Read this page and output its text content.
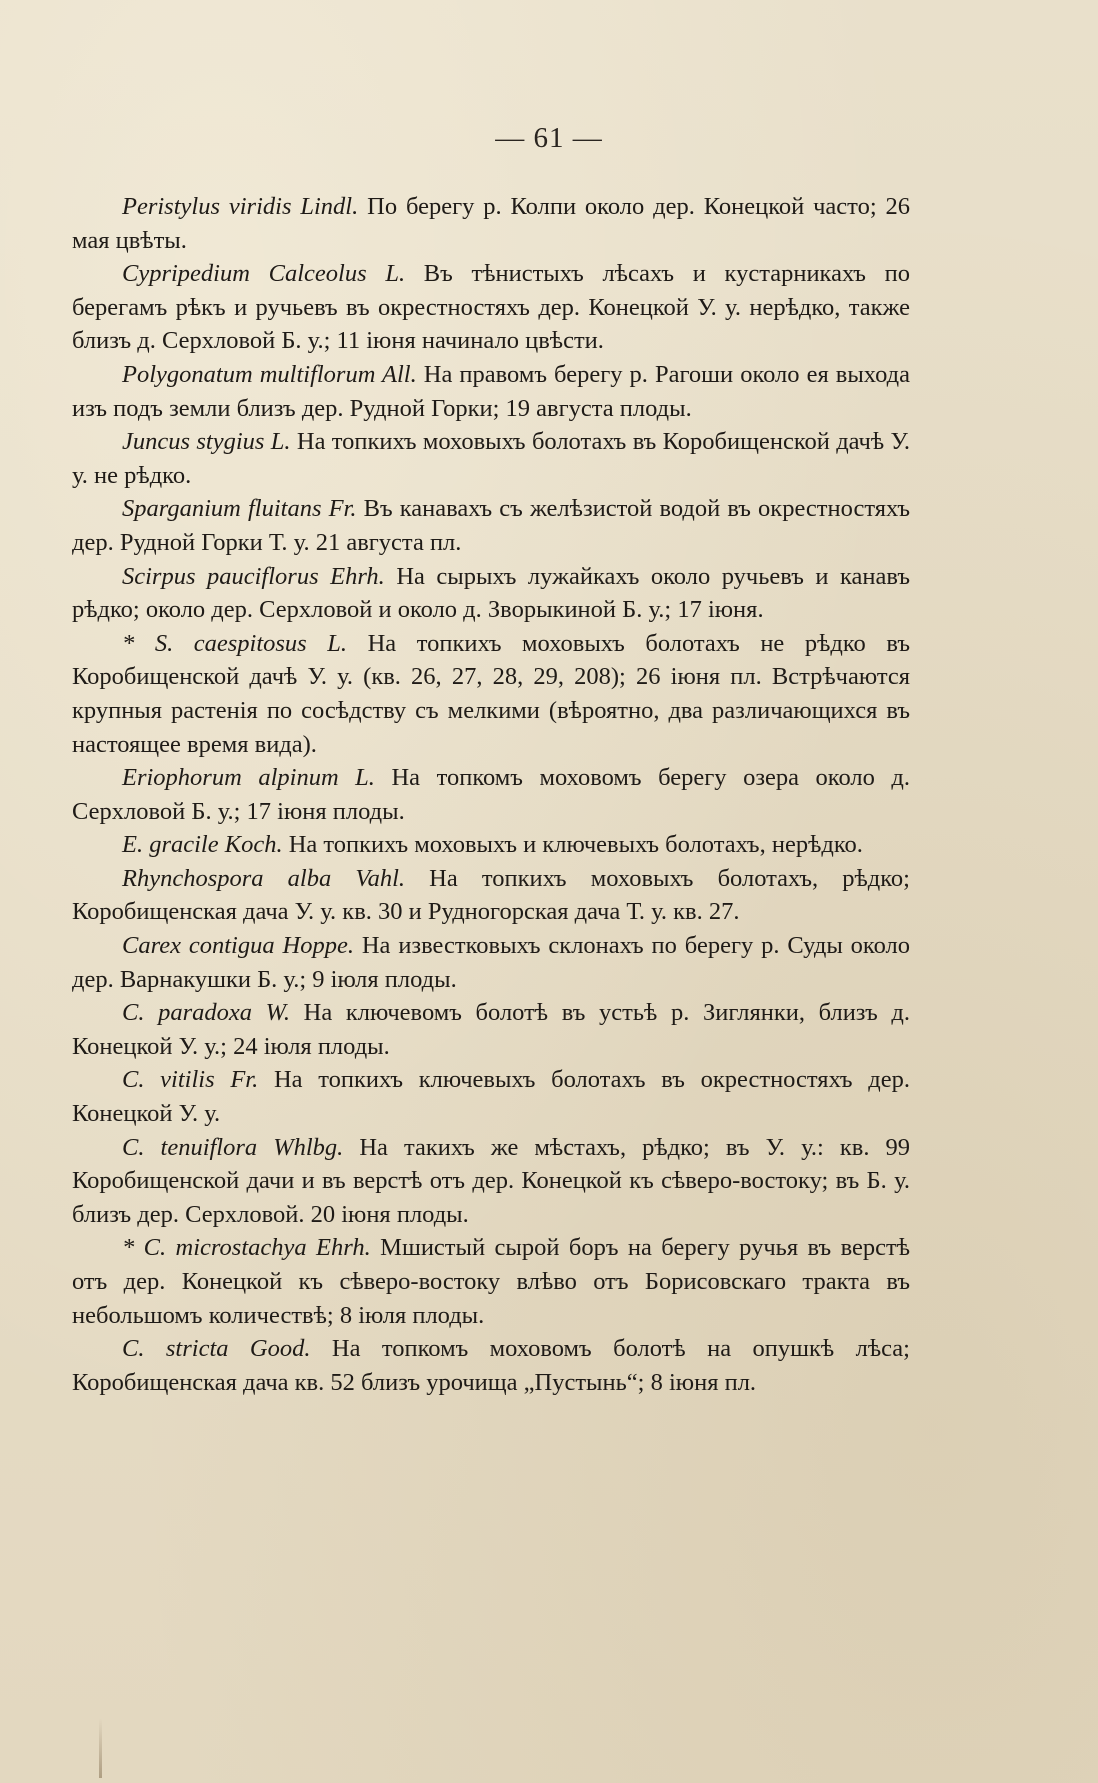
— 61 —

Peristylus viridis Lindl. По берегу р. Колпи около дер. Конецкой часто; 26 мая цвѣты.

Cypripedium Calceolus L. Въ тѣнистыхъ лѣсахъ и кустарникахъ по берегамъ рѣкъ и ручьевъ въ окрестностяхъ дер. Конецкой У. у. нерѣдко, также близъ д. Серхловой Б. у.; 11 іюня начинало цвѣсти.

Polygonatum multiflorum All. На правомъ берегу р. Рагоши около ея выхода изъ подъ земли близъ дер. Рудной Горки; 19 августа плоды.

Juncus stygius L. На топкихъ моховыхъ болотахъ въ Коробищенской дачѣ У. у. не рѣдко.

Sparganium fluitans Fr. Въ канавахъ съ желѣзистой водой въ окрестностяхъ дер. Рудной Горки Т. у. 21 августа пл.

Scirpus pauciflorus Ehrh. На сырыхъ лужайкахъ около ручьевъ и канавъ рѣдко; около дер. Серхловой и около д. Зворыкиной Б. у.; 17 іюня.

* S. caespitosus L. На топкихъ моховыхъ болотахъ не рѣдко въ Коробищенской дачѣ У. у. (кв. 26, 27, 28, 29, 208); 26 іюня пл. Встрѣчаются крупныя растенія по сосѣдству съ мелкими (вѣроятно, два различающихся въ настоящее время вида).

Eriophorum alpinum L. На топкомъ моховомъ берегу озера около д. Серхловой Б. у.; 17 іюня плоды.

E. gracile Koch. На топкихъ моховыхъ и ключевыхъ болотахъ, нерѣдко.

Rhynchospora alba Vahl. На топкихъ моховыхъ болотахъ, рѣдко; Коробищенская дача У. у. кв. 30 и Рудногорская дача Т. у. кв. 27.

Carex contigua Hoppe. На известковыхъ склонахъ по берегу р. Суды около дер. Варнакушки Б. у.; 9 іюля плоды.

C. paradoxa W. На ключевомъ болотѣ въ устьѣ р. Зиглянки, близъ д. Конецкой У. у.; 24 іюля плоды.

C. vitilis Fr. На топкихъ ключевыхъ болотахъ въ окрестностяхъ дер. Конецкой У. у.

C. tenuiflora Whlbg. На такихъ же мѣстахъ, рѣдко; въ У. у.: кв. 99 Коробищенской дачи и въ верстѣ отъ дер. Конецкой къ сѣверо-востоку; въ Б. у. близъ дер. Серхловой. 20 іюня плоды.

* C. microstachya Ehrh. Мшистый сырой боръ на берегу ручья въ верстѣ отъ дер. Конецкой къ сѣверо-востоку влѣво отъ Борисовскаго тракта въ небольшомъ количествѣ; 8 іюля плоды.

C. stricta Good. На топкомъ моховомъ болотѣ на опушкѣ лѣса; Коробищенская дача кв. 52 близъ урочища „Пустынь“; 8 іюня пл.
